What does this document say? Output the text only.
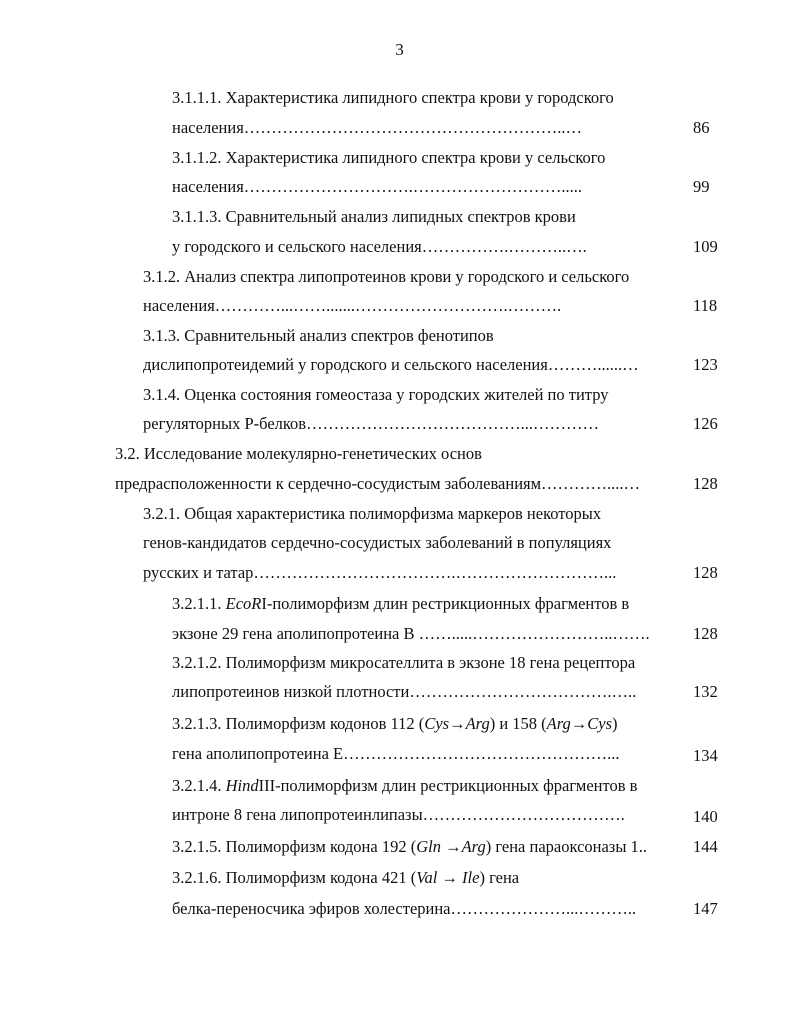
3
3.1.1.1. Характеристика липидного спектра крови у городского
населения…………………………………………………..…	86
3.1.1.2. Характеристика липидного спектра крови у сельского
населения………………………….……………………….....	99
3.1.1.3. Сравнительный анализ липидных спектров крови
у городского и сельского населения…………….………..….	109
3.1.2. Анализ спектра липопротеинов крови у городского и сельского
населения…………...…….......……………………….……….	118
3.1.3. Сравнительный анализ спектров фенотипов
дислипопротеидемий у городского и сельского населения………......…	123
3.1.4. Оценка состояния гомеостаза у городских жителей по титру
регуляторных Р-белков…………………………………...…………	126
3.2. Исследование молекулярно-генетических основ
предрасположенности к сердечно-сосудистым заболеваниям…………....…	128
3.2.1. Общая характеристика полиморфизма маркеров некоторых
генов-кандидатов сердечно-сосудистых заболеваний в популяциях
русских и татар……………………………….………………………...	128
3.2.1.1. EcoRI-полиморфизм длин рестрикционных фрагментов в
экзоне 29 гена аполипопротеина В …….....……………………..…….	128
3.2.1.2. Полиморфизм микросателлита в экзоне 18 гена рецептора
липопротеинов низкой плотности……………………………….…..	132
3.2.1.3. Полиморфизм кодонов 112 (Cys→Arg) и 158 (Arg→Cys)
гена аполипопротеина Е…………………………………………...	134
3.2.1.4. HindIII-полиморфизм длин рестрикционных фрагментов в
интроне 8 гена липопротеинлипазы……………………………….	140
3.2.1.5. Полиморфизм кодона 192 (Gln →Arg) гена параоксоназы 1..	144
3.2.1.6. Полиморфизм кодона 421 (Val → Ile) гена
белка-переносчика эфиров холестерина…………………...………..	147
